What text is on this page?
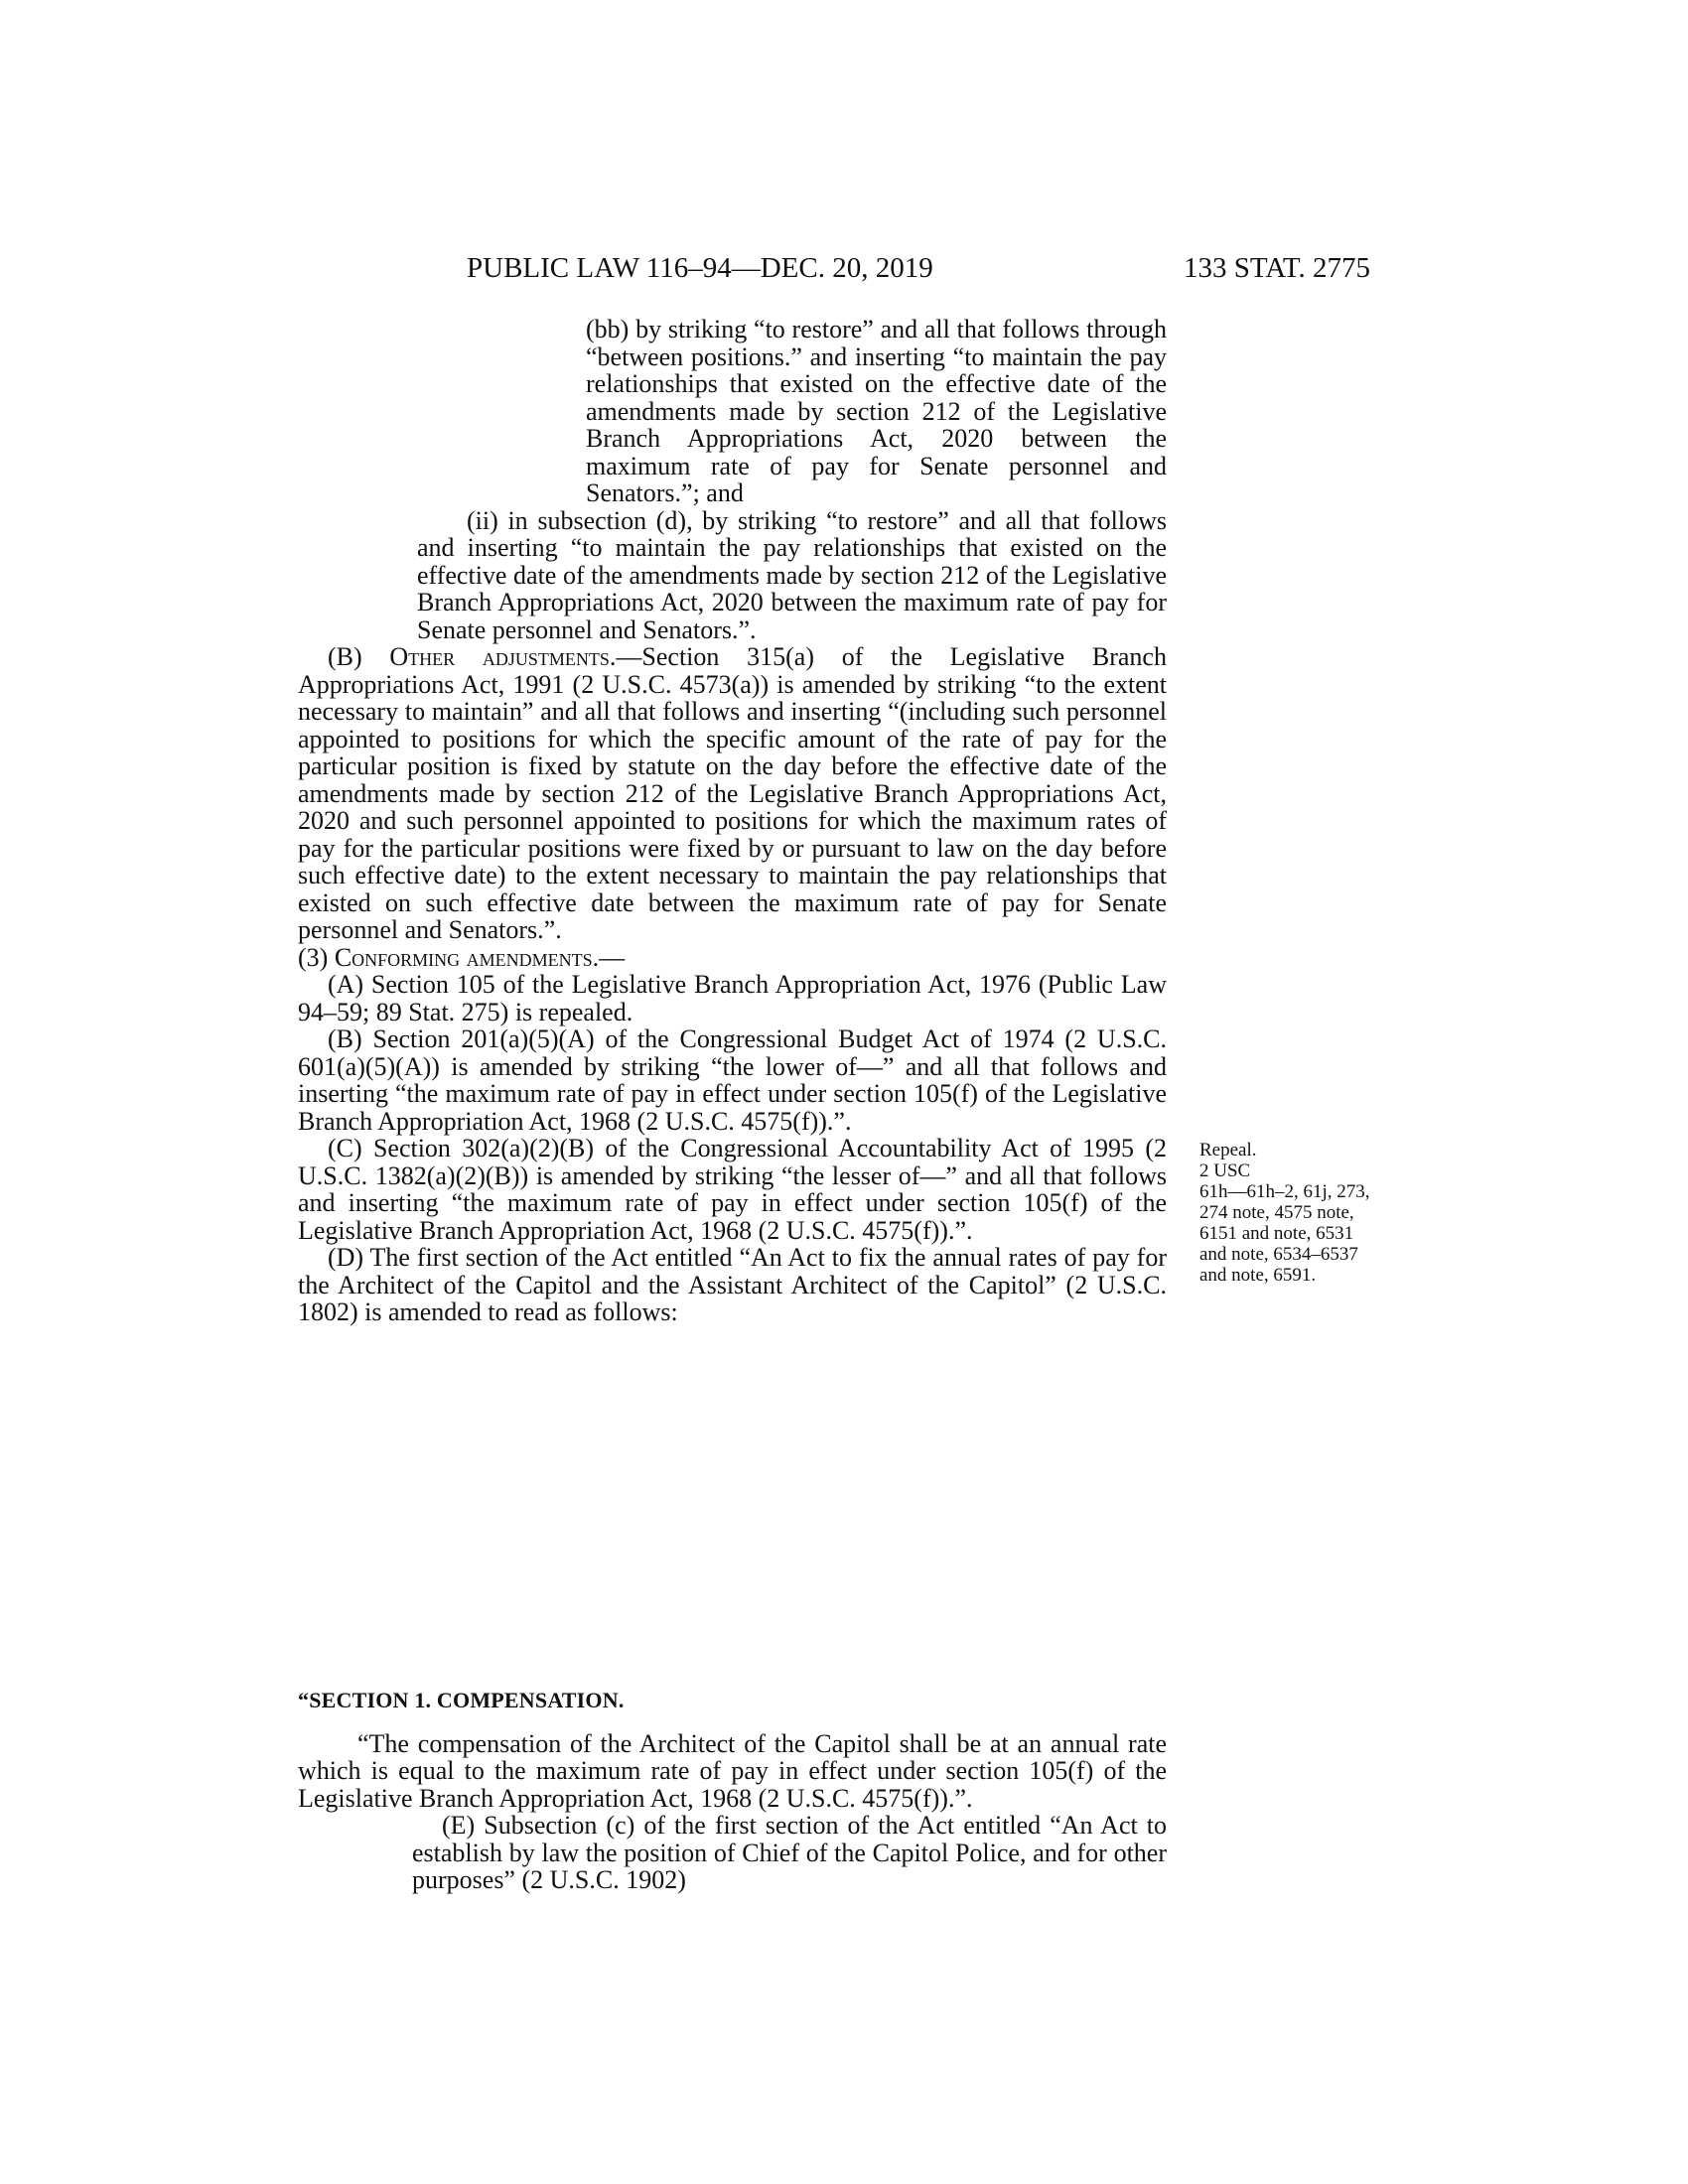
PUBLIC LAW 116–94—DEC. 20, 2019	133 STAT. 2775

(bb) by striking “to restore” and all that follows through “between positions.” and inserting “to maintain the pay relationships that existed on the effective date of the amendments made by section 212 of the Legislative Branch Appropriations Act, 2020 between the maximum rate of pay for Senate personnel and Senators.”; and

(ii) in subsection (d), by striking “to restore” and all that follows and inserting “to maintain the pay relationships that existed on the effective date of the amendments made by section 212 of the Legislative Branch Appropriations Act, 2020 between the maximum rate of pay for Senate personnel and Senators.”.

(B) Other adjustments.—Section 315(a) of the Legislative Branch Appropriations Act, 1991 (2 U.S.C. 4573(a)) is amended by striking “to the extent necessary to maintain” and all that follows and inserting “(including such personnel appointed to positions for which the specific amount of the rate of pay for the particular position is fixed by statute on the day before the effective date of the amendments made by section 212 of the Legislative Branch Appropriations Act, 2020 and such personnel appointed to positions for which the maximum rates of pay for the particular positions were fixed by or pursuant to law on the day before such effective date) to the extent necessary to maintain the pay relationships that existed on such effective date between the maximum rate of pay for Senate personnel and Senators.”.

(3) Conforming amendments.—

(A) Section 105 of the Legislative Branch Appropriation Act, 1976 (Public Law 94–59; 89 Stat. 275) is repealed.

(B) Section 201(a)(5)(A) of the Congressional Budget Act of 1974 (2 U.S.C. 601(a)(5)(A)) is amended by striking “the lower of—” and all that follows and inserting “the maximum rate of pay in effect under section 105(f) of the Legislative Branch Appropriation Act, 1968 (2 U.S.C. 4575(f)).”.

(C) Section 302(a)(2)(B) of the Congressional Accountability Act of 1995 (2 U.S.C. 1382(a)(2)(B)) is amended by striking “the lesser of—” and all that follows and inserting “the maximum rate of pay in effect under section 105(f) of the Legislative Branch Appropriation Act, 1968 (2 U.S.C. 4575(f)).”.

(D) The first section of the Act entitled “An Act to fix the annual rates of pay for the Architect of the Capitol and the Assistant Architect of the Capitol” (2 U.S.C. 1802) is amended to read as follows:

“SECTION 1. COMPENSATION.

“The compensation of the Architect of the Capitol shall be at an annual rate which is equal to the maximum rate of pay in effect under section 105(f) of the Legislative Branch Appropriation Act, 1968 (2 U.S.C. 4575(f)).”.

(E) Subsection (c) of the first section of the Act entitled “An Act to establish by law the position of Chief of the Capitol Police, and for other purposes” (2 U.S.C. 1902)

Repeal.
2 USC
61h—61h–2, 61j, 273, 274 note, 4575 note, 6151 and note, 6531 and note, 6534–6537 and note, 6591.
